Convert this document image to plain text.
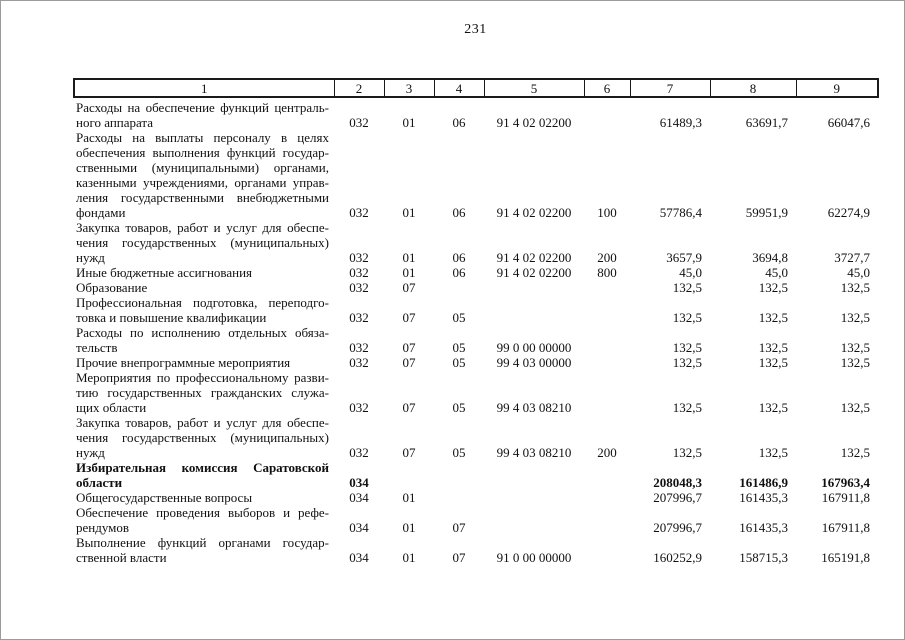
231
1	2	3	4	5	6	7	8	9
Расходы на обеспечение функций центрального аппарата	032	01	06	91 4 02 02200		61489,3	63691,7	66047,6
Расходы на выплаты персоналу в целях обеспечения выполнения функций государственными (муниципальными) органами, казенными учреждениями, органами управления государственными внебюджетными фондами	032	01	06	91 4 02 02200	100	57786,4	59951,9	62274,9
Закупка товаров, работ и услуг для обеспечения государственных (муниципальных) нужд	032	01	06	91 4 02 02200	200	3657,9	3694,8	3727,7
Иные бюджетные ассигнования	032	01	06	91 4 02 02200	800	45,0	45,0	45,0
Образование	032	07				132,5	132,5	132,5
Профессиональная подготовка, переподготовка и повышение квалификации	032	07	05			132,5	132,5	132,5
Расходы по исполнению отдельных обязательств	032	07	05	99 0 00 00000		132,5	132,5	132,5
Прочие внепрограммные мероприятия	032	07	05	99 4 03 00000		132,5	132,5	132,5
Мероприятия по профессиональному развитию государственных гражданских служащих области	032	07	05	99 4 03 08210		132,5	132,5	132,5
Закупка товаров, работ и услуг для обеспечения государственных (муниципальных) нужд	032	07	05	99 4 03 08210	200	132,5	132,5	132,5
Избирательная комиссия Саратовской области	034					208048,3	161486,9	167963,4
Общегосударственные вопросы	034	01				207996,7	161435,3	167911,8
Обеспечение проведения выборов и референдумов	034	01	07			207996,7	161435,3	167911,8
Выполнение функций органами государственной власти	034	01	07	91 0 00 00000		160252,9	158715,3	165191,8
